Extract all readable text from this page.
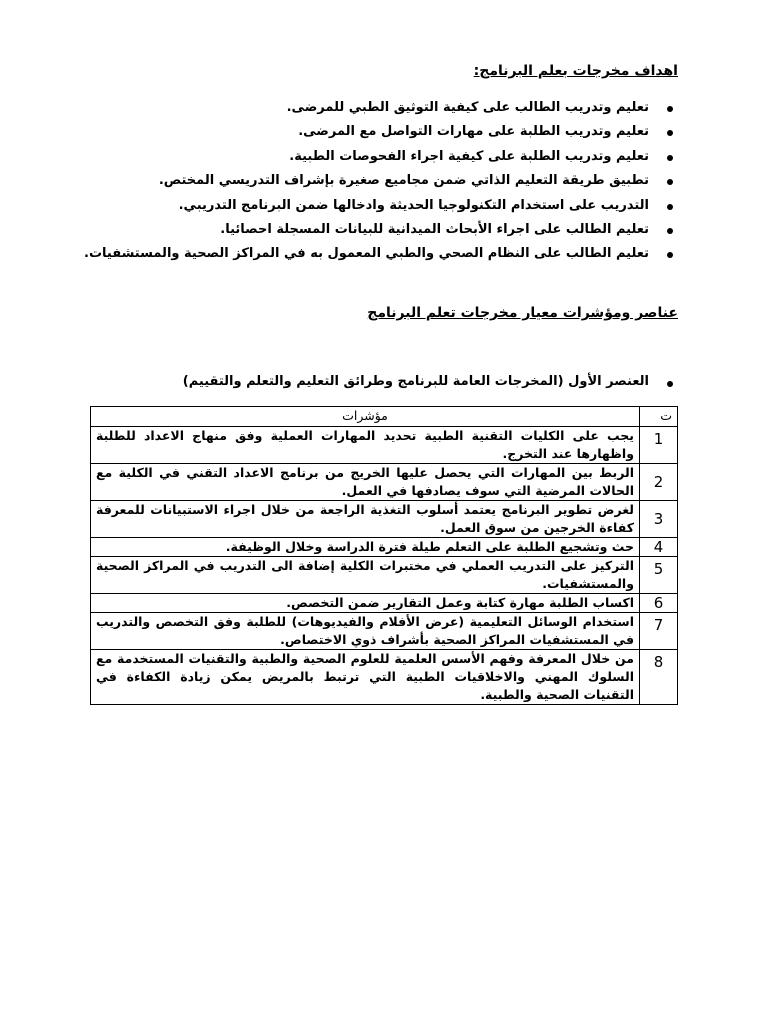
اهداف مخرجات بعلم البرنامج:
تعليم وتدريب الطالب على كيفية التوثيق الطبي للمرضى.
تعليم وتدريب الطلبة على مهارات التواصل مع المرضى.
تعليم وتدريب الطلبة على كيفية اجراء الفحوصات الطبية.
تطبيق طريقة التعليم الذاتي ضمن مجاميع صغيرة بإشراف التدريسي المختص.
التدريب على استخدام التكنولوجيا الحديثة وادخالها ضمن البرنامج التدريبي.
تعليم الطالب على اجراء الأبحاث الميدانية للبيانات المسجلة احصائيا.
تعليم الطالب على النظام الصحي والطبي المعمول به في المراكز الصحية والمستشفيات.
عناصر ومؤشرات معيار مخرجات تعلم البرنامج
العنصر الأول (المخرجات العامة للبرنامج وطرائق التعليم والتعلم والتقييم)
ت	مؤشرات
1	يجب على الكليات التقنية الطبية تحديد المهارات العملية وفق منهاج الاعداد للطلبة واظهارها عند التخرج.
2	الربط بين المهارات التي يحصل عليها الخريج من برنامج الاعداد التقني في الكلية مع الحالات المرضية التي سوف يصادفها في العمل.
3	لغرض تطوير البرنامج يعتمد أسلوب التغذية الراجعة من خلال اجراء الاستبيانات للمعرفة كفاءة الخرجين من سوق العمل.
4	حث وتشجيع الطلبة على التعلم طيلة فترة الدراسة وخلال الوظيفة.
5	التركيز على التدريب العملي في مختبرات الكلية إضافة الى التدريب في المراكز الصحية والمستشفيات.
6	اكساب الطلبة مهارة كتابة وعمل التقارير ضمن التخصص.
7	استخدام الوسائل التعليمية (عرض الأفلام والفيديوهات) للطلبة وفق التخصص والتدريب في المستشفيات المراكز الصحية بأشراف ذوي الاختصاص.
8	من خلال المعرفة وفهم الأسس العلمية للعلوم الصحية والطبية والتقنيات المستخدمة مع السلوك المهني والاخلاقيات الطبية التي ترتبط بالمريض يمكن زيادة الكفاءة في التقنيات الصحية والطبية.
